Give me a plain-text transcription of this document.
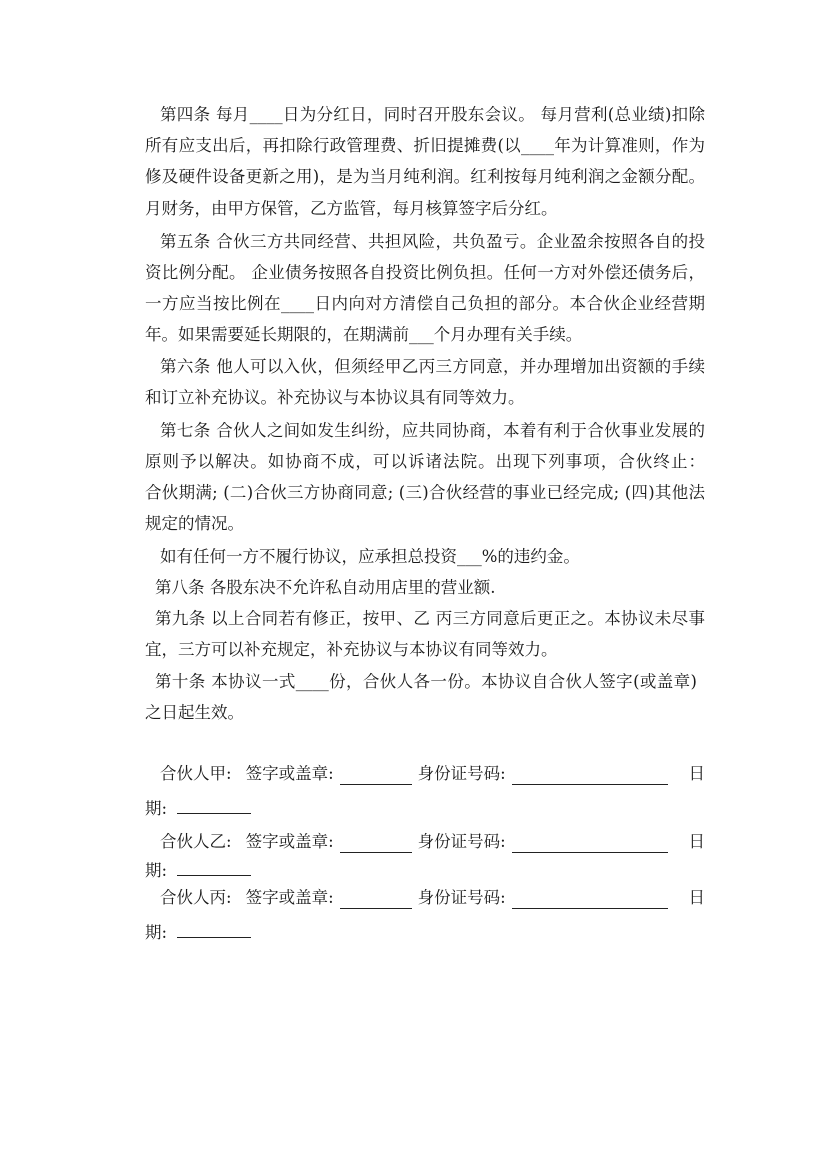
第四条 每月____日为分红日，同时召开股东会议。 每月营利(总业绩)扣除
所有应支出后，再扣除行政管理费、折旧提摊费(以____年为计算准则，作为
修及硬件设备更新之用)，是为当月纯利润。红利按每月纯利润之金额分配。
月财务，由甲方保管，乙方监管，每月核算签字后分红。
第五条 合伙三方共同经营、共担风险，共负盈亏。企业盈余按照各自的投
资比例分配。 企业债务按照各自投资比例负担。任何一方对外偿还债务后，
一方应当按比例在____日内向对方清偿自己负担的部分。本合伙企业经营期
年。如果需要延长期限的，在期满前___个月办理有关手续。
第六条 他人可以入伙，但须经甲乙丙三方同意，并办理增加出资额的手续
和订立补充协议。补充协议与本协议具有同等效力。
第七条 合伙人之间如发生纠纷，应共同协商，本着有利于合伙事业发展的
原则予以解决。如协商不成，可以诉诸法院。出现下列事项，合伙终止：
合伙期满; (二)合伙三方协商同意; (三)合伙经营的事业已经完成; (四)其他法
规定的情况。
如有任何一方不履行协议，应承担总投资___%的违约金。
第八条 各股东决不允许私自动用店里的营业额.
第九条 以上合同若有修正，按甲、乙 丙三方同意后更正之。本协议未尽事
宜，三方可以补充规定，补充协议与本协议有同等效力。
第十条 本协议一式____份，合伙人各一份。本协议自合伙人签字(或盖章)
之日起生效。
合伙人甲: 签字或盖章:	身份证号码:	日
期:
合伙人乙: 签字或盖章:	身份证号码:	日
期:
合伙人丙: 签字或盖章:	身份证号码:	日
期:
